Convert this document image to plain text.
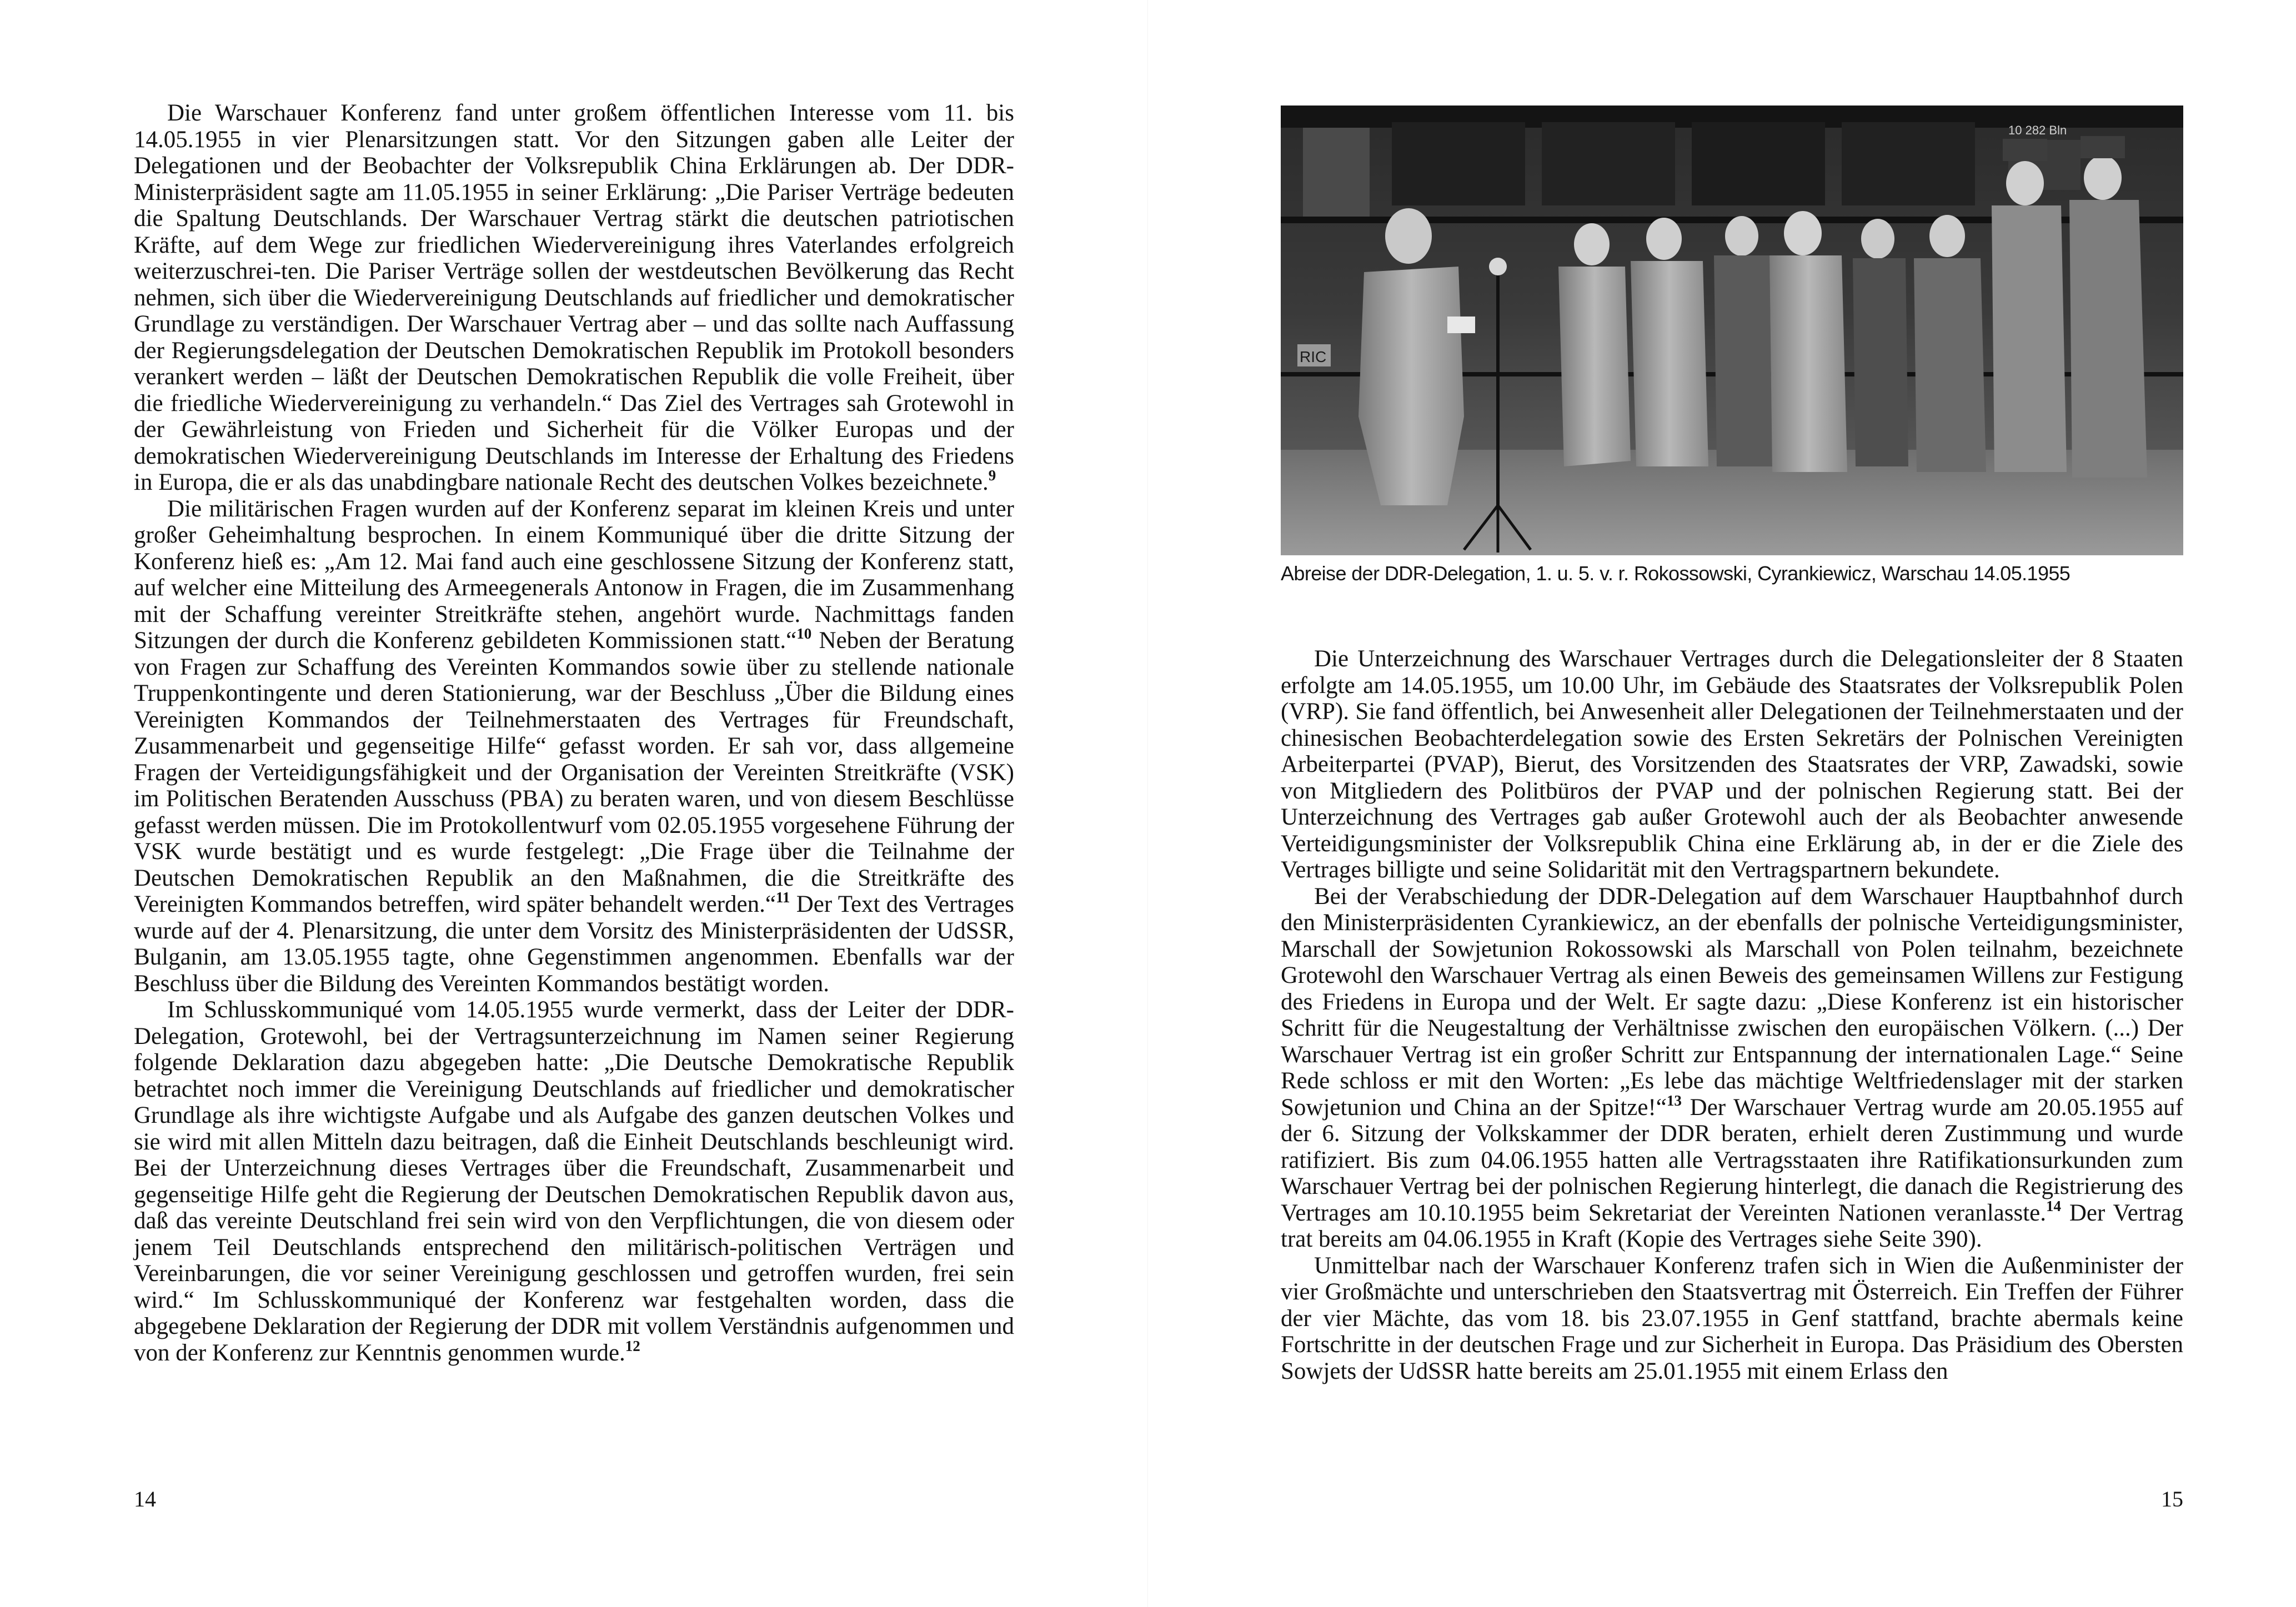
Die Warschauer Konferenz fand unter großem öffentlichen Interesse vom 11. bis 14.05.1955 in vier Plenarsitzungen statt. Vor den Sitzungen gaben alle Leiter der Delegationen und der Beobachter der Volksrepublik China Erklärungen ab. Der DDR-Ministerpräsident sagte am 11.05.1955 in seiner Erklärung: „Die Pariser Verträge bedeuten die Spaltung Deutschlands. Der Warschauer Vertrag stärkt die deutschen patriotischen Kräfte, auf dem Wege zur friedlichen Wiedervereinigung ihres Vaterlandes erfolgreich weiterzuschrei-ten. Die Pariser Verträge sollen der westdeutschen Bevölkerung das Recht nehmen, sich über die Wiedervereinigung Deutschlands auf friedlicher und demokratischer Grundlage zu verständigen. Der Warschauer Vertrag aber – und das sollte nach Auffassung der Regierungsdelegation der Deutschen Demokratischen Republik im Protokoll besonders verankert werden – läßt der Deutschen Demokratischen Republik die volle Freiheit, über die friedliche Wiedervereinigung zu verhandeln.“ Das Ziel des Vertrages sah Grotewohl in der Gewährleistung von Frieden und Sicherheit für die Völker Europas und der demokratischen Wiedervereinigung Deutschlands im Interesse der Erhaltung des Friedens in Europa, die er als das unabdingbare nationale Recht des deutschen Volkes bezeichnete.$^9$

Die militärischen Fragen wurden auf der Konferenz separat im kleinen Kreis und unter großer Geheimhaltung besprochen. In einem Kommuniqué über die dritte Sitzung der Konferenz hieß es: „Am 12. Mai fand auch eine geschlossene Sitzung der Konferenz statt, auf welcher eine Mitteilung des Armeegenerals Antonow in Fragen, die im Zusammenhang mit der Schaffung vereinter Streitkräfte stehen, angehört wurde. Nachmittags fanden Sitzungen der durch die Konferenz gebildeten Kommissionen statt.“$^{10}$ Neben der Beratung von Fragen zur Schaffung des Vereinten Kommandos sowie über zu stellende nationale Truppenkontingente und deren Stationierung, war der Beschluss „Über die Bildung eines Vereinigten Kommandos der Teilnehmerstaaten des Vertrages für Freundschaft, Zusammenarbeit und gegenseitige Hilfe“ gefasst worden. Er sah vor, dass allgemeine Fragen der Verteidigungsfähigkeit und der Organisation der Vereinten Streitkräfte (VSK) im Politischen Beratenden Ausschuss (PBA) zu beraten waren, und von diesem Beschlüsse gefasst werden müssen. Die im Protokollentwurf vom 02.05.1955 vorgesehene Führung der VSK wurde bestätigt und es wurde festgelegt: „Die Frage über die Teilnahme der Deutschen Demokratischen Republik an den Maßnahmen, die die Streitkräfte des Vereinigten Kommandos betreffen, wird später behandelt werden.“$^{11}$ Der Text des Vertrages wurde auf der 4. Plenarsitzung, die unter dem Vorsitz des Ministerpräsidenten der UdSSR, Bulganin, am 13.05.1955 tagte, ohne Gegenstimmen angenommen. Ebenfalls war der Beschluss über die Bildung des Vereinten Kommandos bestätigt worden.

Im Schlusskommuniqué vom 14.05.1955 wurde vermerkt, dass der Leiter der DDR-Delegation, Grotewohl, bei der Vertragsunterzeichnung im Namen seiner Regierung folgende Deklaration dazu abgegeben hatte: „Die Deutsche Demokratische Republik betrachtet noch immer die Vereinigung Deutschlands auf friedlicher und demokratischer Grundlage als ihre wichtigste Aufgabe und als Aufgabe des ganzen deutschen Volkes und sie wird mit allen Mitteln dazu beitragen, daß die Einheit Deutschlands beschleunigt wird. Bei der Unterzeichnung dieses Vertrages über die Freundschaft, Zusammenarbeit und gegenseitige Hilfe geht die Regierung der Deutschen Demokratischen Republik davon aus, daß das vereinte Deutschland frei sein wird von den Verpflichtungen, die von diesem oder jenem Teil Deutschlands entsprechend den militärisch-politischen Verträgen und Vereinbarungen, die vor seiner Vereinigung geschlossen und getroffen wurden, frei sein wird.“ Im Schlusskommuniqué der Konferenz war festgehalten worden, dass die abgegebene Deklaration der Regierung der DDR mit vollem Verständnis aufgenommen und von der Konferenz zur Kenntnis genommen wurde.$^{12}$

14
RIC
10 282 Bln
Abreise der DDR-Delegation, 1. u. 5. v. r. Rokossowski, Cyrankiewicz, Warschau 14.05.1955

Die Unterzeichnung des Warschauer Vertrages durch die Delegationsleiter der 8 Staaten erfolgte am 14.05.1955, um 10.00 Uhr, im Gebäude des Staatsrates der Volksrepublik Polen (VRP). Sie fand öffentlich, bei Anwesenheit aller Delegationen der Teilnehmerstaaten und der chinesischen Beobachterdelegation sowie des Ersten Sekretärs der Polnischen Vereinigten Arbeiterpartei (PVAP), Bierut, des Vorsitzenden des Staatsrates der VRP, Zawadski, sowie von Mitgliedern des Politbüros der PVAP und der polnischen Regierung statt. Bei der Unterzeichnung des Vertrages gab außer Grotewohl auch der als Beobachter anwesende Verteidigungsminister der Volksrepublik China eine Erklärung ab, in der er die Ziele des Vertrages billigte und seine Solidarität mit den Vertragspartnern bekundete.

Bei der Verabschiedung der DDR-Delegation auf dem Warschauer Hauptbahnhof durch den Ministerpräsidenten Cyrankiewicz, an der ebenfalls der polnische Verteidigungsminister, Marschall der Sowjetunion Rokossowski als Marschall von Polen teilnahm, bezeichnete Grotewohl den Warschauer Vertrag als einen Beweis des gemeinsamen Willens zur Festigung des Friedens in Europa und der Welt. Er sagte dazu: „Diese Konferenz ist ein historischer Schritt für die Neugestaltung der Verhältnisse zwischen den europäischen Völkern. (...) Der Warschauer Vertrag ist ein großer Schritt zur Entspannung der internationalen Lage.“ Seine Rede schloss er mit den Worten: „Es lebe das mächtige Weltfriedenslager mit der starken Sowjetunion und China an der Spitze!“$^{13}$ Der Warschauer Vertrag wurde am 20.05.1955 auf der 6. Sitzung der Volkskammer der DDR beraten, erhielt deren Zustimmung und wurde ratifiziert. Bis zum 04.06.1955 hatten alle Vertragsstaaten ihre Ratifikationsurkunden zum Warschauer Vertrag bei der polnischen Regierung hinterlegt, die danach die Registrierung des Vertrages am 10.10.1955 beim Sekretariat der Vereinten Nationen veranlasste.$^{14}$ Der Vertrag trat bereits am 04.06.1955 in Kraft (Kopie des Vertrages siehe Seite 390).

Unmittelbar nach der Warschauer Konferenz trafen sich in Wien die Außenminister der vier Großmächte und unterschrieben den Staatsvertrag mit Österreich. Ein Treffen der Führer der vier Mächte, das vom 18. bis 23.07.1955 in Genf stattfand, brachte abermals keine Fortschritte in der deutschen Frage und zur Sicherheit in Europa. Das Präsidium des Obersten Sowjets der UdSSR hatte bereits am 25.01.1955 mit einem Erlass den

15
